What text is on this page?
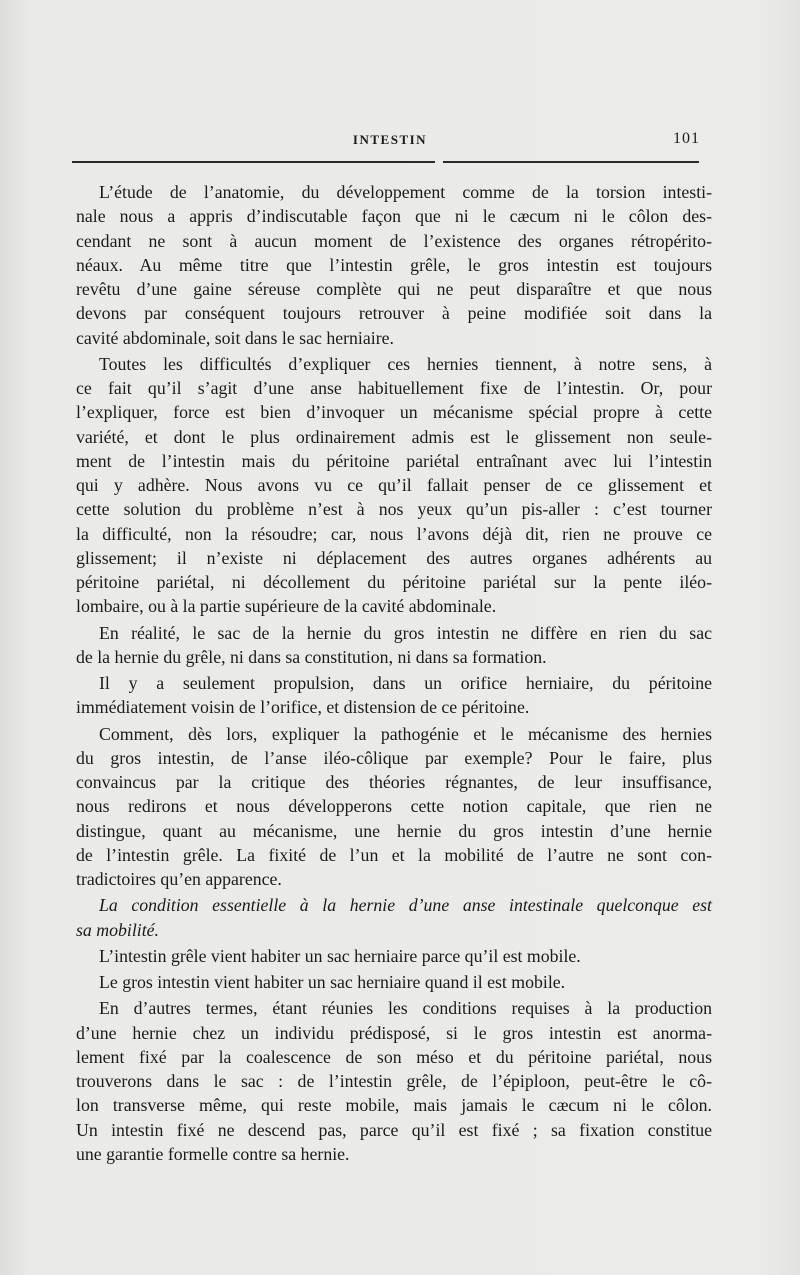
INTESTIN	101
L’étude de l’anatomie, du développement comme de la torsion intesti-
nale nous a appris d’indiscutable façon que ni le cæcum ni le côlon des-
cendant ne sont à aucun moment de l’existence des organes rétropérito-
néaux. Au même titre que l’intestin grêle, le gros intestin est toujours
revêtu d’une gaine séreuse complète qui ne peut disparaître et que nous
devons par conséquent toujours retrouver à peine modifiée soit dans la
cavité abdominale, soit dans le sac herniaire.
Toutes les difficultés d’expliquer ces hernies tiennent, à notre sens, à
ce fait qu’il s’agit d’une anse habituellement fixe de l’intestin. Or, pour
l’expliquer, force est bien d’invoquer un mécanisme spécial propre à cette
variété, et dont le plus ordinairement admis est le glissement non seule-
ment de l’intestin mais du péritoine pariétal entraînant avec lui l’intestin
qui y adhère. Nous avons vu ce qu’il fallait penser de ce glissement et
cette solution du problème n’est à nos yeux qu’un pis-aller : c’est tourner
la difficulté, non la résoudre; car, nous l’avons déjà dit, rien ne prouve ce
glissement; il n’existe ni déplacement des autres organes adhérents au
péritoine pariétal, ni décollement du péritoine pariétal sur la pente iléo-
lombaire, ou à la partie supérieure de la cavité abdominale.
En réalité, le sac de la hernie du gros intestin ne diffère en rien du sac
de la hernie du grêle, ni dans sa constitution, ni dans sa formation.
Il y a seulement propulsion, dans un orifice herniaire, du péritoine
immédiatement voisin de l’orifice, et distension de ce péritoine.
Comment, dès lors, expliquer la pathogénie et le mécanisme des hernies
du gros intestin, de l’anse iléo-côlique par exemple? Pour le faire, plus
convaincus par la critique des théories régnantes, de leur insuffisance,
nous redirons et nous développerons cette notion capitale, que rien ne
distingue, quant au mécanisme, une hernie du gros intestin d’une hernie
de l’intestin grêle. La fixité de l’un et la mobilité de l’autre ne sont con-
tradictoires qu’en apparence.
La condition essentielle à la hernie d’une anse intestinale quelconque est
sa mobilité.
L’intestin grêle vient habiter un sac herniaire parce qu’il est mobile.
Le gros intestin vient habiter un sac herniaire quand il est mobile.
En d’autres termes, étant réunies les conditions requises à la production
d’une hernie chez un individu prédisposé, si le gros intestin est anorma-
lement fixé par la coalescence de son méso et du péritoine pariétal, nous
trouverons dans le sac : de l’intestin grêle, de l’épiploon, peut-être le cô-
lon transverse même, qui reste mobile, mais jamais le cæcum ni le côlon.
Un intestin fixé ne descend pas, parce qu’il est fixé ; sa fixation constitue
une garantie formelle contre sa hernie.
